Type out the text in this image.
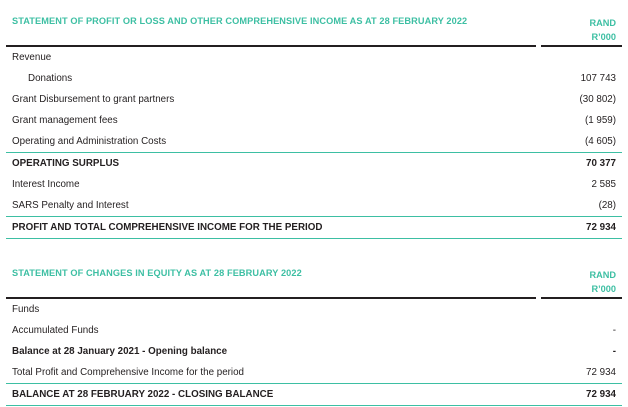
STATEMENT OF PROFIT OR LOSS AND OTHER COMPREHENSIVE INCOME AS AT 28 FEBRUARY 2022	RAND
R’000
Revenue
Donations	107 743
Grant Disbursement to grant partners	(30 802)
Grant management fees	(1 959)
Operating and Administration Costs	(4 605)
OPERATING SURPLUS	70 377
Interest Income	2 585
SARS Penalty and Interest	(28)
PROFIT AND TOTAL COMPREHENSIVE INCOME FOR THE PERIOD	72 934
STATEMENT OF CHANGES IN EQUITY AS AT 28 FEBRUARY 2022	RAND
R’000
Funds
Accumulated Funds	-
Balance at 28 January 2021 - Opening balance	-
Total Profit and Comprehensive Income for the period	72 934
BALANCE AT 28 FEBRUARY 2022 - CLOSING BALANCE	72 934
